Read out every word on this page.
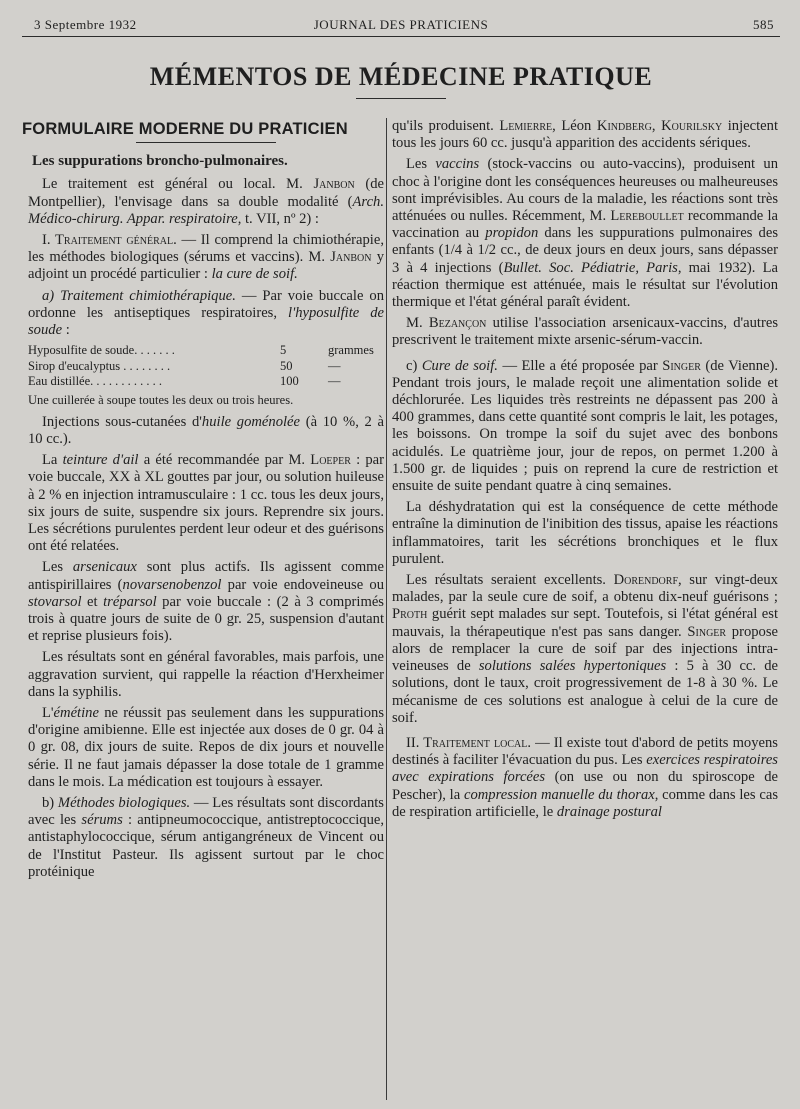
3 Septembre 1932	JOURNAL DES PRATICIENS	585
MÉMENTOS DE MÉDECINE PRATIQUE
FORMULAIRE MODERNE DU PRATICIEN
Les suppurations broncho-pulmonaires.

Le traitement est général ou local. M. Janbon (de Montpellier), l'envisage dans sa double modalité (Arch. Médico-chirurg. Appar. respiratoire, t. VII, nº 2) :

I. Traitement général. — Il comprend la chimiothérapie, les méthodes biologiques (sérums et vaccins). M. Janbon y adjoint un procédé particulier : la cure de soif.

a) Traitement chimiothérapique. — Par voie buccale on ordonne les antiseptiques respiratoires, l'hyposulfite de soude :

Hyposulfite de soude. . . . . . .	5	grammes
Sirop d'eucalyptus . . . . . . . .	50	—
Eau distillée. . . . . . . . . . . .	100 —
Une cuillerée à soupe toutes les deux ou trois heures.

Injections sous-cutanées d'huile goménolée (à 10 %, 2 à 10 cc.).

La teinture d'ail a été recommandée par M. Loeper : par voie buccale, XX à XL gouttes par jour, ou solution huileuse à 2 % en injection intramusculaire : 1 cc. tous les deux jours, six jours de suite, suspendre six jours. Reprendre six jours. Les sécrétions purulentes perdent leur odeur et des guérisons ont été relatées.

Les arsenicaux sont plus actifs. Ils agissent comme antispirillaires (novarsenobenzol par voie endoveineuse ou stovarsol et tréparsol par voie buccale : (2 à 3 comprimés trois à quatre jours de suite de 0 gr. 25, suspension d'autant et reprise plusieurs fois).

Les résultats sont en général favorables, mais parfois, une aggravation survient, qui rappelle la réaction d'Herxheimer dans la syphilis.

L'émétine ne réussit pas seulement dans les suppurations d'origine amibienne. Elle est injectée aux doses de 0 gr. 04 à 0 gr. 08, dix jours de suite. Repos de dix jours et nouvelle série. Il ne faut jamais dépasser la dose totale de 1 gramme dans le mois. La médication est toujours à essayer.

b) Méthodes biologiques. — Les résultats sont discordants avec les sérums : antipneumococcique, antistreptococcique, antistaphylococcique, sérum antigangréneux de Vincent ou de l'Institut Pasteur. Ils agissent surtout par le choc protéinique

qu'ils produisent. Lemierre, Léon Kindberg, Kourilsky injectent tous les jours 60 cc. jusqu'à apparition des accidents sériques.

Les vaccins (stock-vaccins ou auto-vaccins), produisent un choc à l'origine dont les conséquences heureuses ou malheureuses sont imprévisibles. Au cours de la maladie, les réactions sont très atténuées ou nulles. Récemment, M. Lereboullet recommande la vaccination au propidon dans les suppurations pulmonaires des enfants (1/4 à 1/2 cc., de deux jours en deux jours, sans dépasser 3 à 4 injections (Bullet. Soc. Pédiatrie, Paris, mai 1932). La réaction thermique est atténuée, mais le résultat sur l'évolution thermique et l'état général paraît évident.

M. Bezançon utilise l'association arsenicaux-vaccins, d'autres prescrivent le traitement mixte arsenic-sérum-vaccin.

c) Cure de soif. — Elle a été proposée par Singer (de Vienne). Pendant trois jours, le malade reçoit une alimentation solide et déchlorurée. Les liquides très restreints ne dépassent pas 200 à 400 grammes, dans cette quantité sont compris le lait, les potages, les boissons. On trompe la soif du sujet avec des bonbons acidulés. Le quatrième jour, jour de repos, on permet 1.200 à 1.500 gr. de liquides ; puis on reprend la cure de restriction et ensuite de suite pendant quatre à cinq semaines.

La déshydratation qui est la conséquence de cette méthode entraîne la diminution de l'inibition des tissus, apaise les réactions inflammatoires, tarit les sécrétions bronchiques et le flux purulent.

Les résultats seraient excellents. Dorendorf, sur vingt-deux malades, par la seule cure de soif, a obtenu dix-neuf guérisons ; Proth guérit sept malades sur sept. Toutefois, si l'état général est mauvais, la thérapeutique n'est pas sans danger. Singer propose alors de remplacer la cure de soif par des injections intra-veineuses de solutions salées hypertoniques : 5 à 30 cc. de solutions, dont le taux, croit progressivement de 1-8 à 30 %. Le mécanisme de ces solutions est analogue à celui de la cure de soif.

II. Traitement local. — Il existe tout d'abord de petits moyens destinés à faciliter l'évacuation du pus. Les exercices respiratoires avec expirations forcées (on use ou non du spiroscope de Pescher), la compression manuelle du thorax, comme dans les cas de respiration artificielle, le drainage postural
